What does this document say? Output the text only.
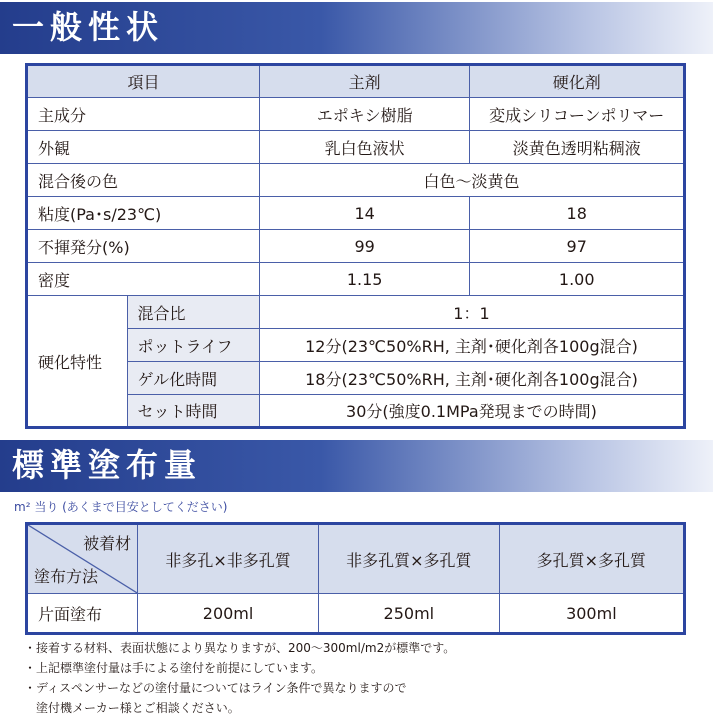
一般性状
項目		主剤	硬化剤
主成分		エポキシ樹脂	変成シリコーンポリマー
外観		乳白色液状	淡黄色透明粘稠液
混合後の色		白色～淡黄色	
粘度(Pa･s/23℃)		14	18
不揮発分(%)		99	97
密度		1.15	1.00
硬化特性	混合比	1：1	
	ポットライフ	12分(23℃50%RH, 主剤･硬化剤各100g混合)	
	ゲル化時間	18分(23℃50%RH, 主剤･硬化剤各100g混合)	
	セット時間	30分(強度0.1MPa発現までの時間)	
標準塗布量
m² 当り (あくまで目安としてください)
被着材
塗布方法	非多孔×非多孔質	非多孔質×多孔質	多孔質×多孔質
片面塗布	200ml	250ml	300ml
・接着する材料、表面状態により異なりますが、200～300ml/m2が標準です。
・上記標準塗付量は手による塗付を前提にしています。
・ディスペンサーなどの塗付量についてはライン条件で異なりますので
　塗付機メーカー様とご相談ください。
